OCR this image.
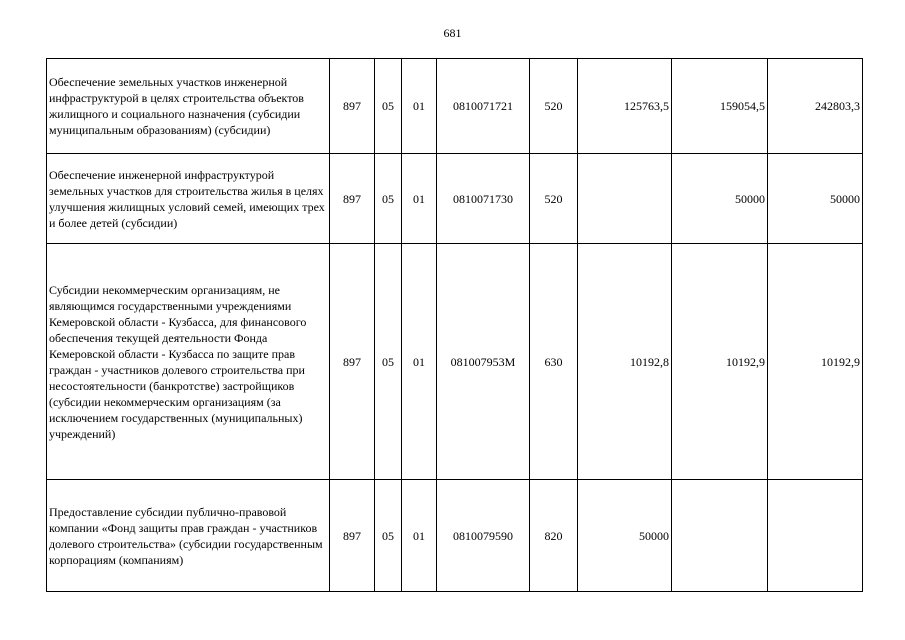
681
Обеспечение земельных участков инженерной инфраструктурой в целях строительства объектов жилищного и социального назначения (субсидии муниципальным образованиям) (субсидии)	897	05	01	0810071721	520	125763,5	159054,5	242803,3
Обеспечение инженерной инфраструктурой земельных участков для строительства жилья в целях улучшения жилищных условий семей, имеющих трех и более детей (субсидии)	897	05	01	0810071730	520		50000	50000
Субсидии некоммерческим организациям, не являющимся государственными учреждениями Кемеровской области - Кузбасса, для финансового обеспечения текущей деятельности Фонда Кемеровской области - Кузбасса по защите прав граждан - участников долевого строительства при несостоятельности (банкротстве) застройщиков (субсидии некоммерческим организациям (за исключением государственных (муниципальных) учреждений)	897	05	01	081007953М	630	10192,8	10192,9	10192,9
Предоставление субсидии публично-правовой компании «Фонд защиты прав граждан - участников долевого строительства» (субсидии государственным корпорациям (компаниям)	897	05	01	0810079590	820	50000		
